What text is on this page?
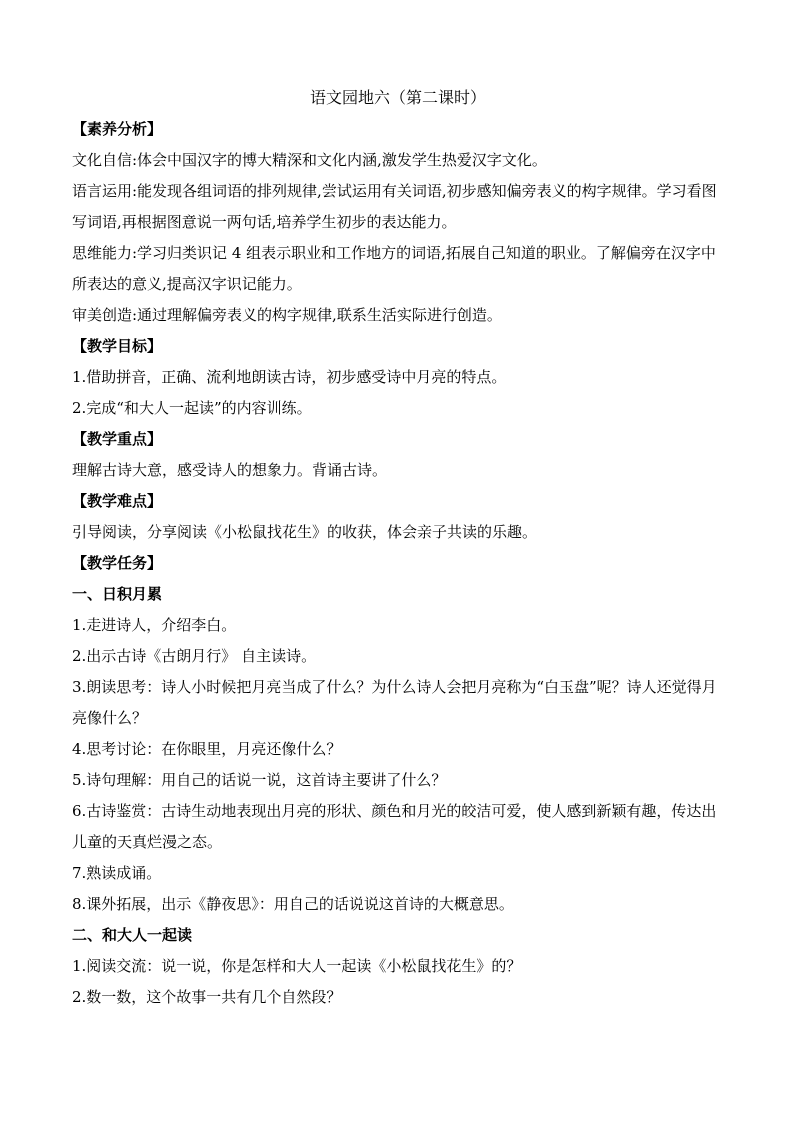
语文园地六（第二课时）

【素养分析】

文化自信:体会中国汉字的博大精深和文化内涵,激发学生热爱汉字文化。

语言运用:能发现各组词语的排列规律,尝试运用有关词语,初步感知偏旁表义的构字规律。学习看图写词语,再根据图意说一两句话,培养学生初步的表达能力。

思维能力:学习归类识记 4 组表示职业和工作地方的词语,拓展自己知道的职业。了解偏旁在汉字中所表达的意义,提高汉字识记能力。

审美创造:通过理解偏旁表义的构字规律,联系生活实际进行创造。

【教学目标】

1.借助拼音，正确、流利地朗读古诗，初步感受诗中月亮的特点。

2.完成“和大人一起读”的内容训练。

【教学重点】

理解古诗大意，感受诗人的想象力。背诵古诗。

【教学难点】

引导阅读，分享阅读《小松鼠找花生》的收获，体会亲子共读的乐趣。

【教学任务】

一、日积月累

1.走进诗人，介绍李白。

2.出示古诗《古朗月行》 自主读诗。

3.朗读思考：诗人小时候把月亮当成了什么？为什么诗人会把月亮称为“白玉盘”呢？诗人还觉得月亮像什么？

4.思考讨论：在你眼里，月亮还像什么？

5.诗句理解：用自己的话说一说，这首诗主要讲了什么？

6.古诗鉴赏：古诗生动地表现出月亮的形状、颜色和月光的皎洁可爱，使人感到新颖有趣，传达出儿童的天真烂漫之态。

7.熟读成诵。

8.课外拓展，出示《静夜思》：用自己的话说说这首诗的大概意思。

二、和大人一起读

1.阅读交流：说一说，你是怎样和大人一起读《小松鼠找花生》的？

2.数一数，这个故事一共有几个自然段？
